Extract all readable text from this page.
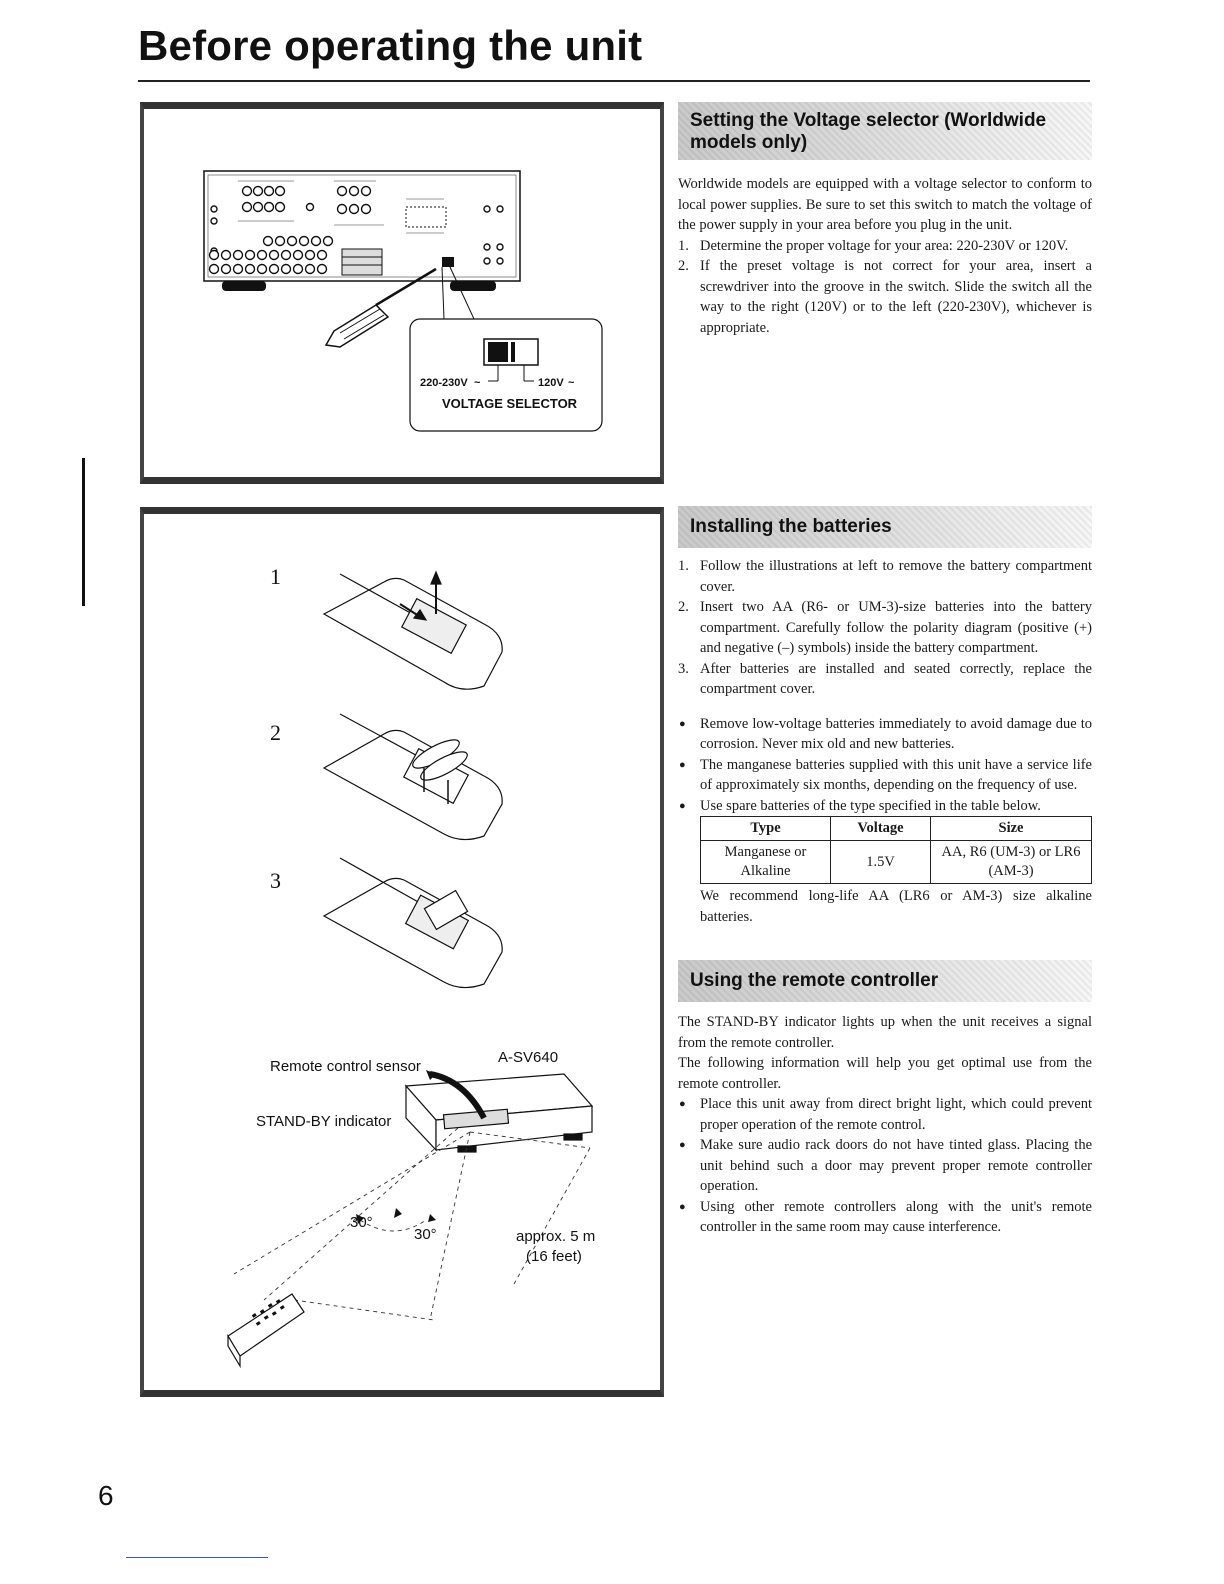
Before operating the unit
220-230V ~	120V ~
VOLTAGE SELECTOR
1
2
3
Remote control sensor
A-SV640
STAND-BY indicator
30°
30°	approx. 5 m
(16 feet)
Setting the Voltage selector (Worldwide models only)

Worldwide models are equipped with a voltage selector to conform to local power supplies. Be sure to set this switch to match the voltage of the power supply in your area before you plug in the unit.

1. Determine the proper voltage for your area: 220-230V or 120V.
2. If the preset voltage is not correct for your area, insert a screwdriver into the groove in the switch. Slide the switch all the way to the right (120V) or to the left (220-230V), whichever is appropriate.
Installing the batteries
1. Follow the illustrations at left to remove the battery compartment cover.
2. Insert two AA (R6- or UM-3)-size batteries into the battery compartment. Carefully follow the polarity diagram (positive (+) and negative (–) symbols) inside the battery compartment.
3. After batteries are installed and seated correctly, replace the compartment cover.
● Remove low-voltage batteries immediately to avoid damage due to corrosion. Never mix old and new batteries.
● The manganese batteries supplied with this unit have a service life of approximately six months, depending on the frequency of use.
● Use spare batteries of the type specified in the table below.
Type	Voltage	Size
Manganese or Alkaline	1.5V	AA, R6 (UM-3) or LR6 (AM-3)

We recommend long-life AA (LR6 or AM-3) size alkaline batteries.

Using the remote controller

The STAND-BY indicator lights up when the unit receives a signal from the remote controller.

The following information will help you get optimal use from the remote controller.

● Place this unit away from direct bright light, which could prevent proper operation of the remote control.
● Make sure audio rack doors do not have tinted glass. Placing the unit behind such a door may prevent proper remote controller operation.
● Using other remote controllers along with the unit's remote controller in the same room may cause interference.
6
